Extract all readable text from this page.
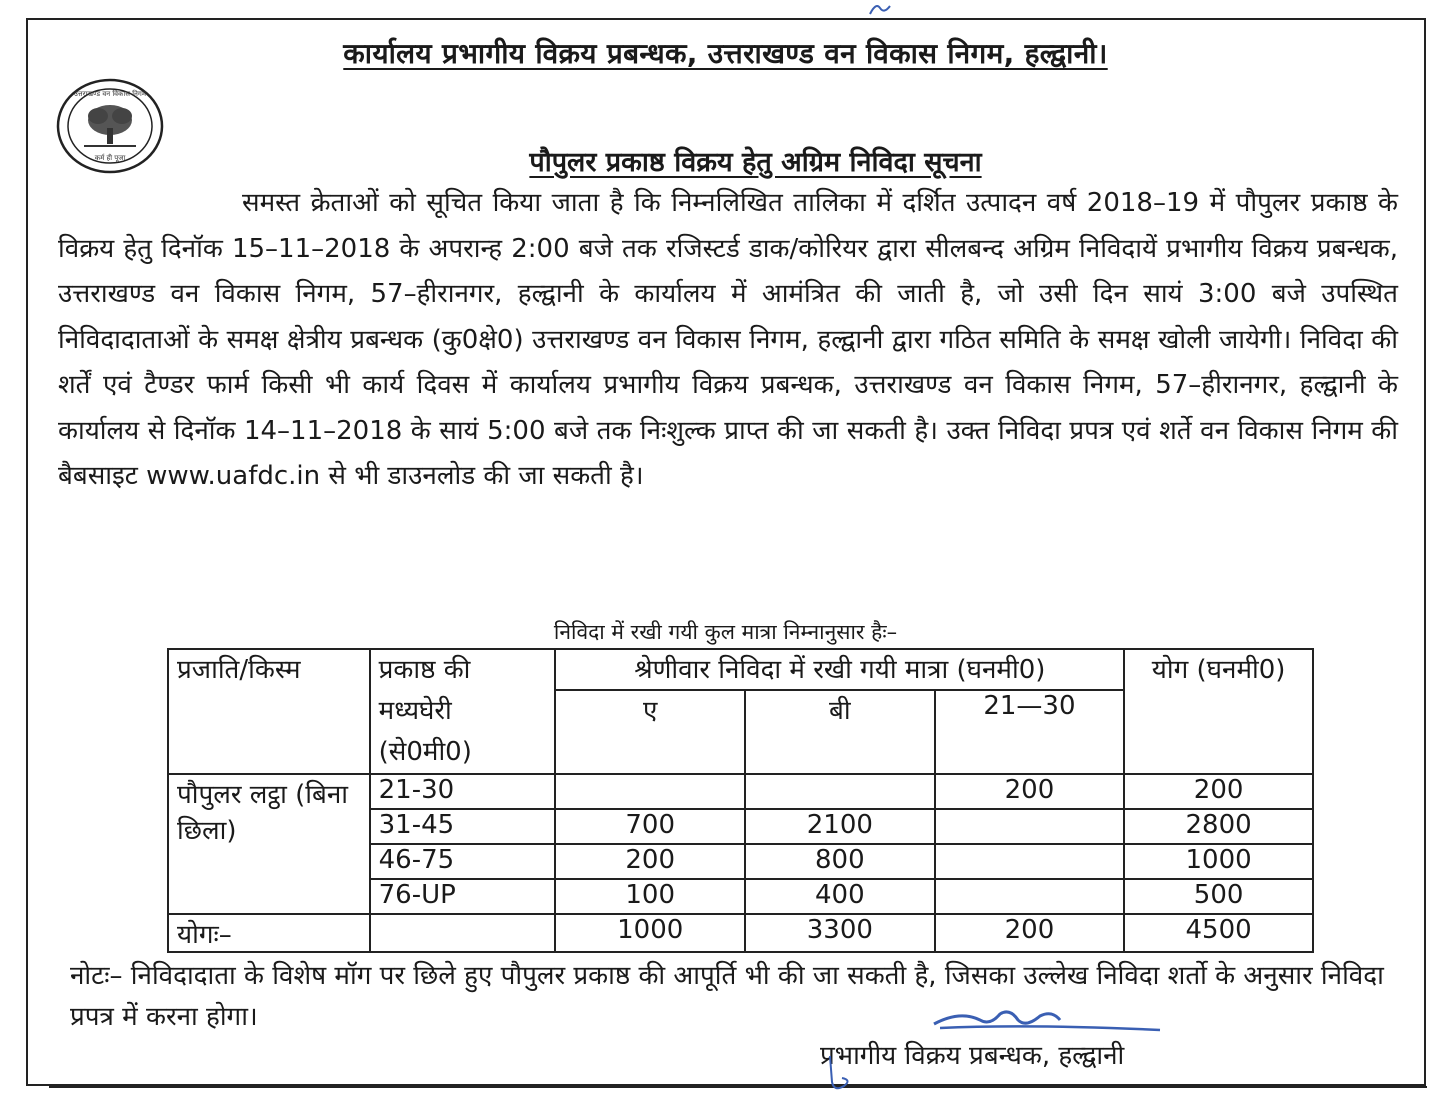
कार्यालय प्रभागीय विक्रय प्रबन्धक, उत्तराखण्ड वन विकास निगम, हल्द्वानी।
उत्तराखण्ड वन विकास निगम
कर्म ही पूजा	पौपुलर प्रकाष्ठ विक्रय हेतु अग्रिम निविदा सूचना
समस्त क्रेताओं को सूचित किया जाता है कि निम्नलिखित तालिका में दर्शित उत्पादन वर्ष 2018–19 में पौपुलर प्रकाष्ठ के विक्रय हेतु दिनॉक 15–11–2018 के अपरान्ह 2:00 बजे तक रजिस्टर्ड डाक/कोरियर द्वारा सीलबन्द अग्रिम निविदायें प्रभागीय विक्रय प्रबन्धक, उत्तराखण्ड वन विकास निगम, 57–हीरानगर, हल्द्वानी के कार्यालय में आमंत्रित की जाती है, जो उसी दिन सायं 3:00 बजे उपस्थित निविदादाताओं के समक्ष क्षेत्रीय प्रबन्धक (कु0क्षे0) उत्तराखण्ड वन विकास निगम, हल्द्वानी द्वारा गठित समिति के समक्ष खोली जायेगी। निविदा की शर्तें एवं टैण्डर फार्म किसी भी कार्य दिवस में कार्यालय प्रभागीय विक्रय प्रबन्धक, उत्तराखण्ड वन विकास निगम, 57–हीरानगर, हल्द्वानी के कार्यालय से दिनॉक 14–11–2018 के सायं 5:00 बजे तक निःशुल्क प्राप्त की जा सकती है। उक्त निविदा प्रपत्र एवं शर्ते वन विकास निगम की बैबसाइट www.uafdc.in से भी डाउनलोड की जा सकती है।
निविदा में रखी गयी कुल मात्रा निम्नानुसार हैः–
प्रजाति/किस्म	प्रकाष्ठ की मध्यघेरी (से0मी0)	श्रेणीवार निविदा में रखी गयी मात्रा (घनमी0)			योग (घनमी0)
		ए	बी	21—30	
पौपुलर लट्ठा (बिना छिला)	21-30			200	200
	31-45	700	2100		2800
	46-75	200	800		1000
	76-UP	100	400		500
योगः–		1000	3300	200	4500
नोटः– निविदादाता के विशेष मॉग पर छिले हुए पौपुलर प्रकाष्ठ की आपूर्ति भी की जा सकती है, जिसका उल्लेख निविदा शर्तो के अनुसार निविदा प्रपत्र में करना होगा।
प्रभागीय विक्रय प्रबन्धक, हल्द्वानी
